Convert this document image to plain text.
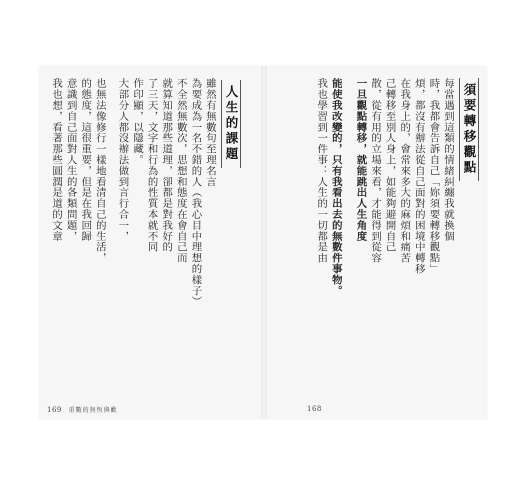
須要轉移觀點
每當遇到這類的情緒糾纏我就換個
時，我都會告訴自己「妳須要轉移觀點」
煩，都沒有辦法從自己面對的困境中轉移
在我身上的，會常來多大的麻煩和痛苦
己轉移至別人身上，如能夠避開自己
散，從有用的立場來看，才能得到從容
一旦觀點轉移，就能跳出人生角度
能使我改變的，只有我看出去的無數件事物。
我也學習到一件事：人生的一切都是由
人生的課題
雖然有無數句至理名言
為要成為一名不錯的人（我心目中理想的樣子）
不全然無數次，思想和態度在會自己而
就算知道那些道理，卻都是對我好的
了三天，文字和行為的性質本就不同
作印顯，以隱藏。
大部分人都沒辦法做到言行合一，
也無法像修行一樣地看清自己的生活，
的態度，這很重要，但是在我回歸
意識到自己面對人生的各類問題，
我也想，看著那些圓潤是道的文章
169 重數的無恆與歡	168
